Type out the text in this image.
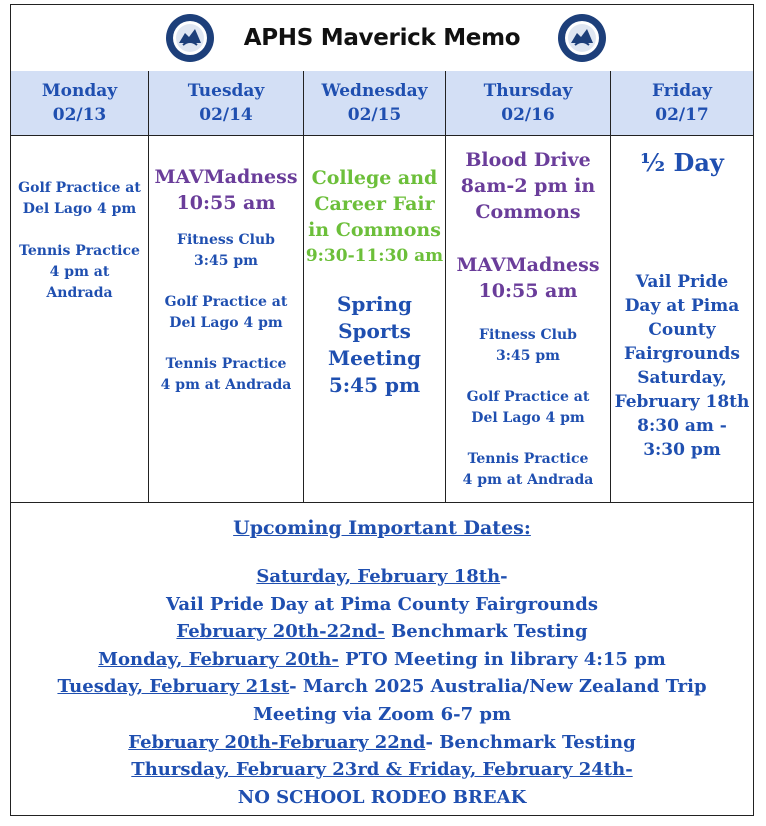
APHS Maverick Memo
Monday
02/13
Tuesday
02/14
Wednesday
02/15
Thursday
02/16
Friday
02/17
Golf Practice at
Del Lago 4 pm
Tennis Practice
4 pm at
Andrada
MAVMadness
10:55 am
Fitness Club
3:45 pm
Golf Practice at
Del Lago 4 pm
Tennis Practice
4 pm at Andrada
College and
Career Fair
in Commons
9:30-11:30 am
Spring
Sports
Meeting
5:45 pm
Blood Drive
8am-2 pm in
Commons
MAVMadness
10:55 am
Fitness Club
3:45 pm
Golf Practice at
Del Lago 4 pm
Tennis Practice
4 pm at Andrada
½ Day
Vail Pride
Day at Pima
County
Fairgrounds
Saturday,
February 18th
8:30 am -
3:30 pm
Upcoming Important Dates:
Saturday, February 18th-
Vail Pride Day at Pima County Fairgrounds
February 20th-22nd- Benchmark Testing
Monday, February 20th- PTO Meeting in library 4:15 pm
Tuesday, February 21st- March 2025 Australia/New Zealand Trip
Meeting via Zoom 6-7 pm
February 20th-February 22nd- Benchmark Testing
Thursday, February 23rd & Friday, February 24th-
NO SCHOOL RODEO BREAK
